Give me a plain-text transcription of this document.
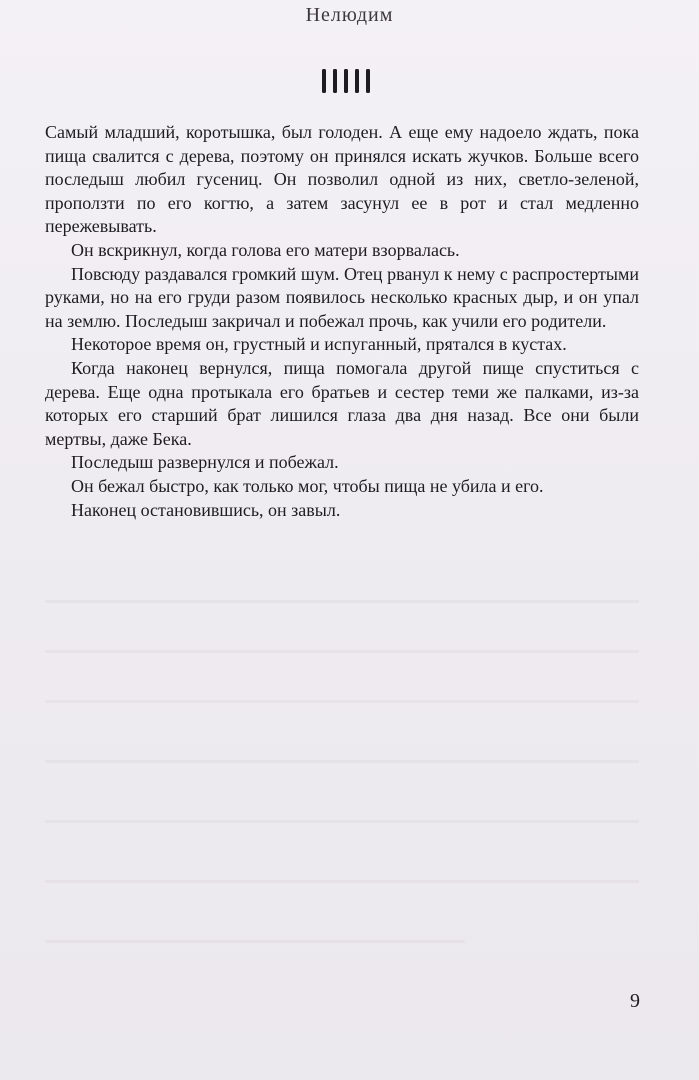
Нелюдим

Самый младший, коротышка, был голоден. А еще ему надоело ждать, пока пища свалится с дерева, поэтому он принялся искать жучков. Больше всего последыш любил гусениц. Он позволил одной из них, светло-зеленой, проползти по его когтю, а затем засунул ее в рот и стал медленно пережевывать.

Он вскрикнул, когда голова его матери взорвалась.

Повсюду раздавался громкий шум. Отец рванул к нему с распростертыми руками, но на его груди разом появилось несколько красных дыр, и он упал на землю. Последыш закричал и побежал прочь, как учили его родители.

Некоторое время он, грустный и испуганный, прятался в кустах.

Когда наконец вернулся, пища помогала другой пище спуститься с дерева. Еще одна протыкала его братьев и сестер теми же палками, из-за которых его старший брат лишился глаза два дня назад. Все они были мертвы, даже Бека.

Последыш развернулся и побежал.

Он бежал быстро, как только мог, чтобы пища не убила и его.

Наконец остановившись, он завыл.

9
